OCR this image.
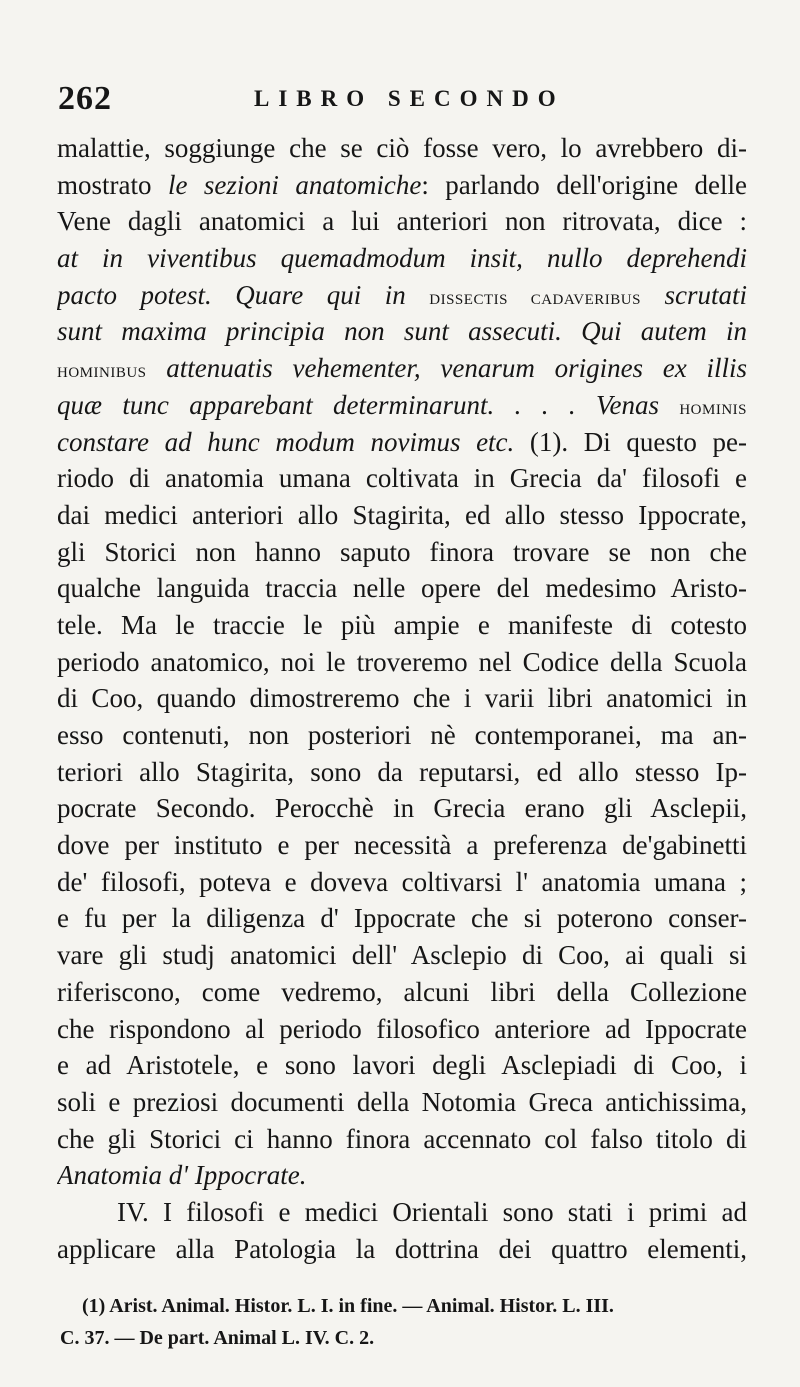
262	LIBRO SECONDO
malattie, soggiunge che se ciò fosse vero, lo avrebbero di-
mostrato le sezioni anatomiche: parlando dell'origine delle
Vene dagli anatomici a lui anteriori non ritrovata, dice :
at in viventibus quemadmodum insit, nullo deprehendi
pacto potest. Quare qui in dissectis cadaveribus scrutati
sunt maxima principia non sunt assecuti. Qui autem in
hominibus attenuatis vehementer, venarum origines ex illis
quæ tunc apparebant determinarunt. . . . Venas hominis
constare ad hunc modum novimus etc. (1). Di questo pe-
riodo di anatomia umana coltivata in Grecia da' filosofi e
dai medici anteriori allo Stagirita, ed allo stesso Ippocrate,
gli Storici non hanno saputo finora trovare se non che
qualche languida traccia nelle opere del medesimo Aristo-
tele. Ma le traccie le più ampie e manifeste di cotesto
periodo anatomico, noi le troveremo nel Codice della Scuola
di Coo, quando dimostreremo che i varii libri anatomici in
esso contenuti, non posteriori nè contemporanei, ma an-
teriori allo Stagirita, sono da reputarsi, ed allo stesso Ip-
pocrate Secondo. Perocchè in Grecia erano gli Asclepii,
dove per instituto e per necessità a preferenza de'gabinetti
de' filosofi, poteva e doveva coltivarsi l' anatomia umana ;
e fu per la diligenza d' Ippocrate che si poterono conser-
vare gli studj anatomici dell' Asclepio di Coo, ai quali si
riferiscono, come vedremo, alcuni libri della Collezione
che rispondono al periodo filosofico anteriore ad Ippocrate
e ad Aristotele, e sono lavori degli Asclepiadi di Coo, i
soli e preziosi documenti della Notomia Greca antichissima,
che gli Storici ci hanno finora accennato col falso titolo di
Anatomia d' Ippocrate.
IV. I filosofi e medici Orientali sono stati i primi ad
applicare alla Patologia la dottrina dei quattro elementi,
(1) Arist. Animal. Histor. L. I. in fine. — Animal. Histor. L. III.
C. 37. — De part. Animal L. IV. C. 2.
